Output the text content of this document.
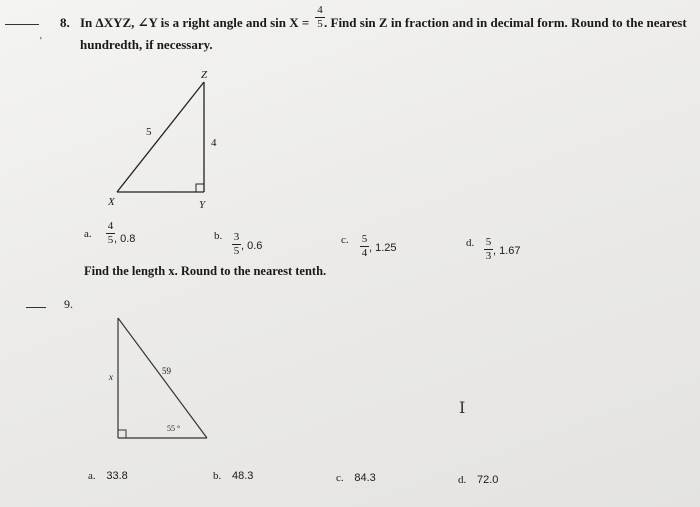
'
8. In ΔXYZ, ∠Y is a right angle and sin X =
4
5 . Find sin Z in fraction and in decimal form. Round to the nearest
hundredth, if necessary.
Z
5
4
X	Y
a.
4
5 , 0.8	b. 3
5 , 0.6	c. 5
4 , 1.25	d. 5
3 , 1.67
Find the length x. Round to the nearest tenth.
9.
x
59
55 °
Ⅰ
a. 33.8	b. 48.3	c. 84.3	d. 72.0
